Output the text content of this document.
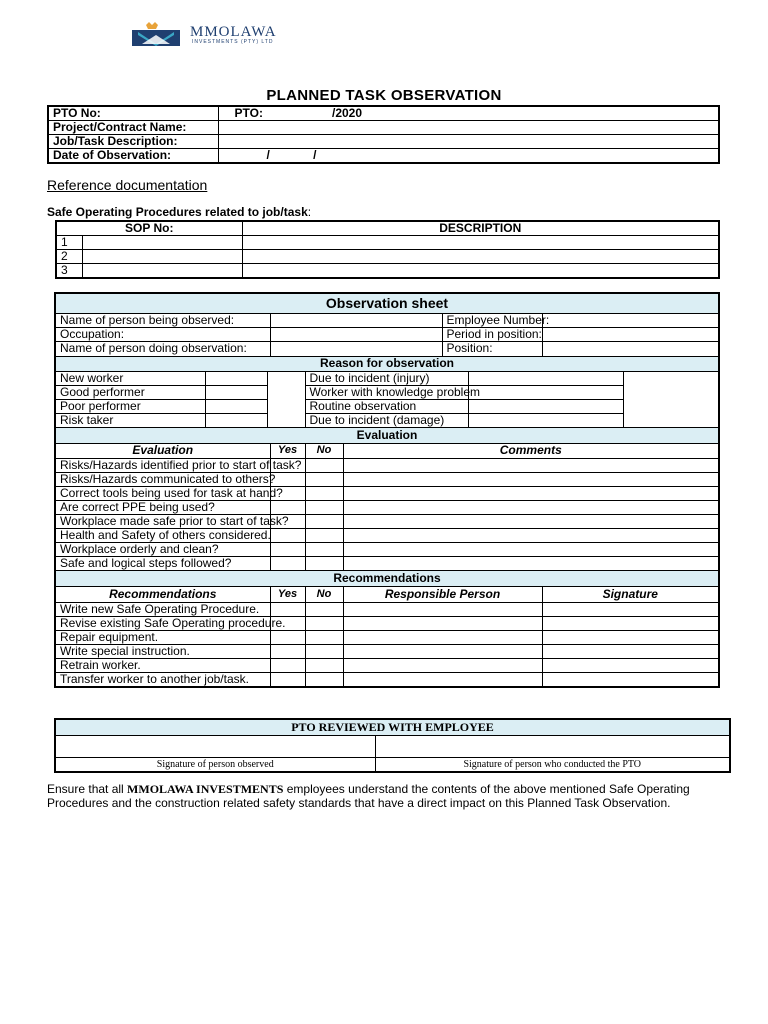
MMOLAWA
INVESTMENTS (PTY) LTD
PLANNED TASK OBSERVATION
PTO No:	PTO:	/2020
Project/Contract Name:		
Job/Task Description:		
Date of Observation:	/ /	
Reference documentation
Safe Operating Procedures related to job/task:
SOP No:		DESCRIPTION
1		
2		
3		
Observation sheet									
Name of person being observed:						Employee Number:			
Occupation:						Period in position:			
Name of person doing observation:						Position:			
Reason for observation									
New worker				Due to incident (injury)					
Good performer				Worker with knowledge problem					
Poor performer				Routine observation					
Risk taker				Due to incident (damage)					
Evaluation									
Evaluation			Yes	No	Comments				
Risks/Hazards identified prior to start of task?									
Risks/Hazards communicated to others?									
Correct tools being used for task at hand?									
Are correct PPE being used?									
Workplace made safe prior to start of task?									
Health and Safety of others considered.									
Workplace orderly and clean?									
Safe and logical steps followed?									
Recommendations									
Recommendations			Yes	No	Responsible Person			Signature	
Write new Safe Operating Procedure.									
Revise existing Safe Operating procedure.									
Repair equipment.									
Write special instruction.									
Retrain worker.									
Transfer worker to another job/task.									
PTO REVIEWED WITH EMPLOYEE	

Signature of person observed	Signature of person who conducted the PTO
Ensure that all MMOLAWA INVESTMENTS employees understand the contents of the above mentioned Safe Operating Procedures and the construction related safety standards that have a direct impact on this Planned Task Observation.
